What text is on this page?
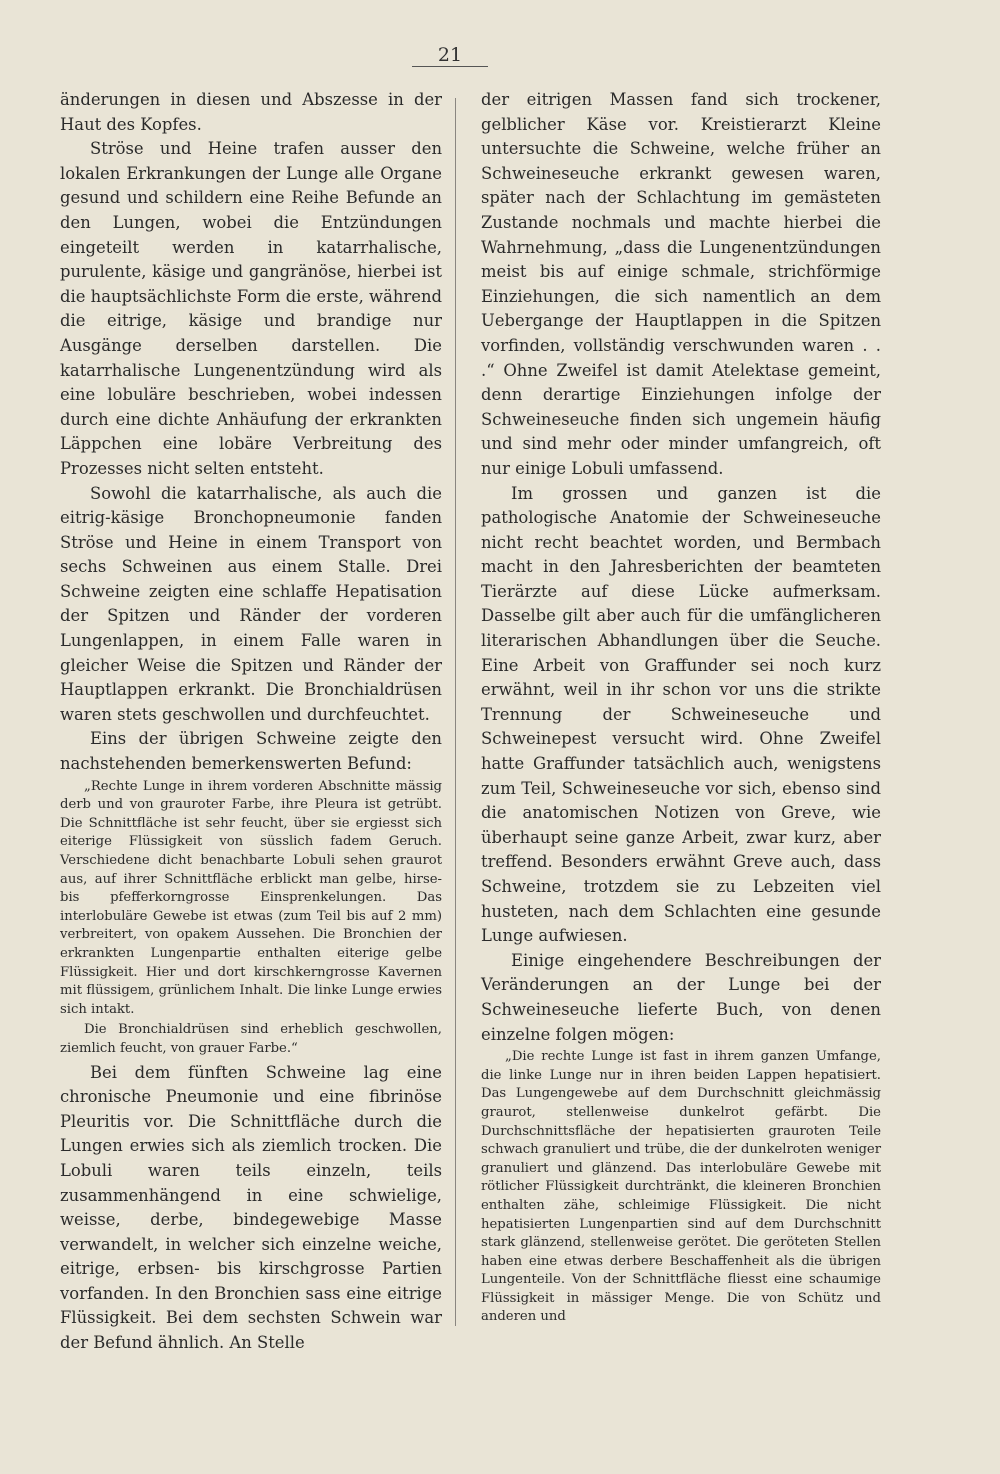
21

änderungen in diesen und Abszesse in der Haut des Kopfes.

Ströse und Heine trafen ausser den lokalen Erkrankungen der Lunge alle Organe gesund und schildern eine Reihe Befunde an den Lungen, wobei die Entzündungen eingeteilt werden in katarrhalische, purulente, käsige und gangränöse, hierbei ist die hauptsächlichste Form die erste, während die eitrige, käsige und brandige nur Ausgänge derselben darstellen. Die katarrhalische Lungenentzündung wird als eine lobuläre beschrieben, wobei indessen durch eine dichte Anhäufung der erkrankten Läppchen eine lobäre Verbreitung des Prozesses nicht selten entsteht.

Sowohl die katarrhalische, als auch die eitrig-käsige Bronchopneumonie fanden Ströse und Heine in einem Transport von sechs Schweinen aus einem Stalle. Drei Schweine zeigten eine schlaffe Hepatisation der Spitzen und Ränder der vorderen Lungenlappen, in einem Falle waren in gleicher Weise die Spitzen und Ränder der Hauptlappen erkrankt. Die Bronchialdrüsen waren stets geschwollen und durchfeuchtet.

Eins der übrigen Schweine zeigte den nachstehenden bemerkenswerten Befund:

„Rechte Lunge in ihrem vorderen Abschnitte mässig derb und von grauroter Farbe, ihre Pleura ist getrübt. Die Schnittfläche ist sehr feucht, über sie ergiesst sich eiterige Flüssigkeit von süsslich fadem Geruch. Verschiedene dicht benachbarte Lobuli sehen graurot aus, auf ihrer Schnittfläche erblickt man gelbe, hirse- bis pfefferkorngrosse Einsprenkelungen. Das interlobuläre Gewebe ist etwas (zum Teil bis auf 2 mm) verbreitert, von opakem Aussehen. Die Bronchien der erkrankten Lungenpartie enthalten eiterige gelbe Flüssigkeit. Hier und dort kirschkerngrosse Kavernen mit flüssigem, grünlichem Inhalt. Die linke Lunge erwies sich intakt.

Die Bronchialdrüsen sind erheblich geschwollen, ziemlich feucht, von grauer Farbe.“

Bei dem fünften Schweine lag eine chronische Pneumonie und eine fibrinöse Pleuritis vor. Die Schnittfläche durch die Lungen erwies sich als ziemlich trocken. Die Lobuli waren teils einzeln, teils zusammenhängend in eine schwielige, weisse, derbe, bindegewebige Masse verwandelt, in welcher sich einzelne weiche, eitrige, erbsen- bis kirschgrosse Partien vorfanden. In den Bronchien sass eine eitrige Flüssigkeit. Bei dem sechsten Schwein war der Befund ähnlich. An Stelle

der eitrigen Massen fand sich trockener, gelblicher Käse vor. Kreistierarzt Kleine untersuchte die Schweine, welche früher an Schweineseuche erkrankt gewesen waren, später nach der Schlachtung im gemästeten Zustande nochmals und machte hierbei die Wahrnehmung, „dass die Lungenentzündungen meist bis auf einige schmale, strichförmige Einziehungen, die sich namentlich an dem Uebergange der Hauptlappen in die Spitzen vorfinden, vollständig verschwunden waren . . .“ Ohne Zweifel ist damit Atelektase gemeint, denn derartige Einziehungen infolge der Schweineseuche finden sich ungemein häufig und sind mehr oder minder umfangreich, oft nur einige Lobuli umfassend.

Im grossen und ganzen ist die pathologische Anatomie der Schweineseuche nicht recht beachtet worden, und Bermbach macht in den Jahresberichten der beamteten Tierärzte auf diese Lücke aufmerksam. Dasselbe gilt aber auch für die umfänglicheren literarischen Abhandlungen über die Seuche. Eine Arbeit von Graffunder sei noch kurz erwähnt, weil in ihr schon vor uns die strikte Trennung der Schweineseuche und Schweinepest versucht wird. Ohne Zweifel hatte Graffunder tatsächlich auch, wenigstens zum Teil, Schweineseuche vor sich, ebenso sind die anatomischen Notizen von Greve, wie überhaupt seine ganze Arbeit, zwar kurz, aber treffend. Besonders erwähnt Greve auch, dass Schweine, trotzdem sie zu Lebzeiten viel husteten, nach dem Schlachten eine gesunde Lunge aufwiesen.

Einige eingehendere Beschreibungen der Veränderungen an der Lunge bei der Schweineseuche lieferte Buch, von denen einzelne folgen mögen:

„Die rechte Lunge ist fast in ihrem ganzen Umfange, die linke Lunge nur in ihren beiden Lappen hepatisiert. Das Lungengewebe auf dem Durchschnitt gleichmässig graurot, stellenweise dunkelrot gefärbt. Die Durchschnittsfläche der hepatisierten grauroten Teile schwach granuliert und trübe, die der dunkelroten weniger granuliert und glänzend. Das interlobuläre Gewebe mit rötlicher Flüssigkeit durchtränkt, die kleineren Bronchien enthalten zähe, schleimige Flüssigkeit. Die nicht hepatisierten Lungenpartien sind auf dem Durchschnitt stark glänzend, stellenweise gerötet. Die geröteten Stellen haben eine etwas derbere Beschaffenheit als die übrigen Lungenteile. Von der Schnittfläche fliesst eine schaumige Flüssigkeit in mässiger Menge. Die von Schütz und anderen und
